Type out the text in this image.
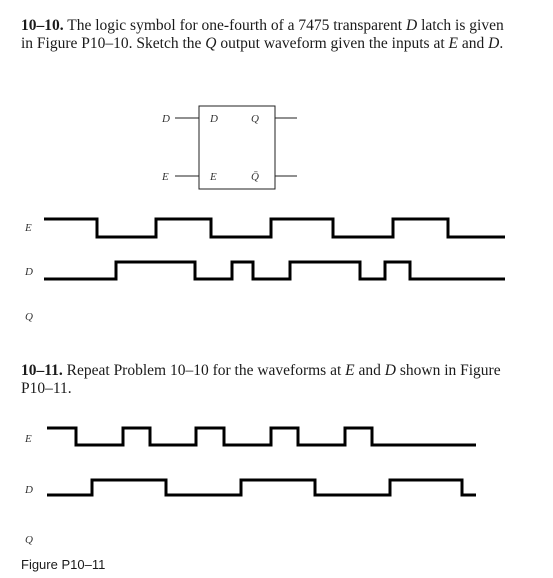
10–10. The logic symbol for one-fourth of a 7475 transparent D latch is given in Figure P10–10. Sketch the Q output waveform given the inputs at E and D.

10–11. Repeat Problem 10–10 for the waveforms at E and D shown in Figure P10–11.

D
E
D
E
Q
Q̄
E
D
Q
E
D
Q

Figure P10–11
